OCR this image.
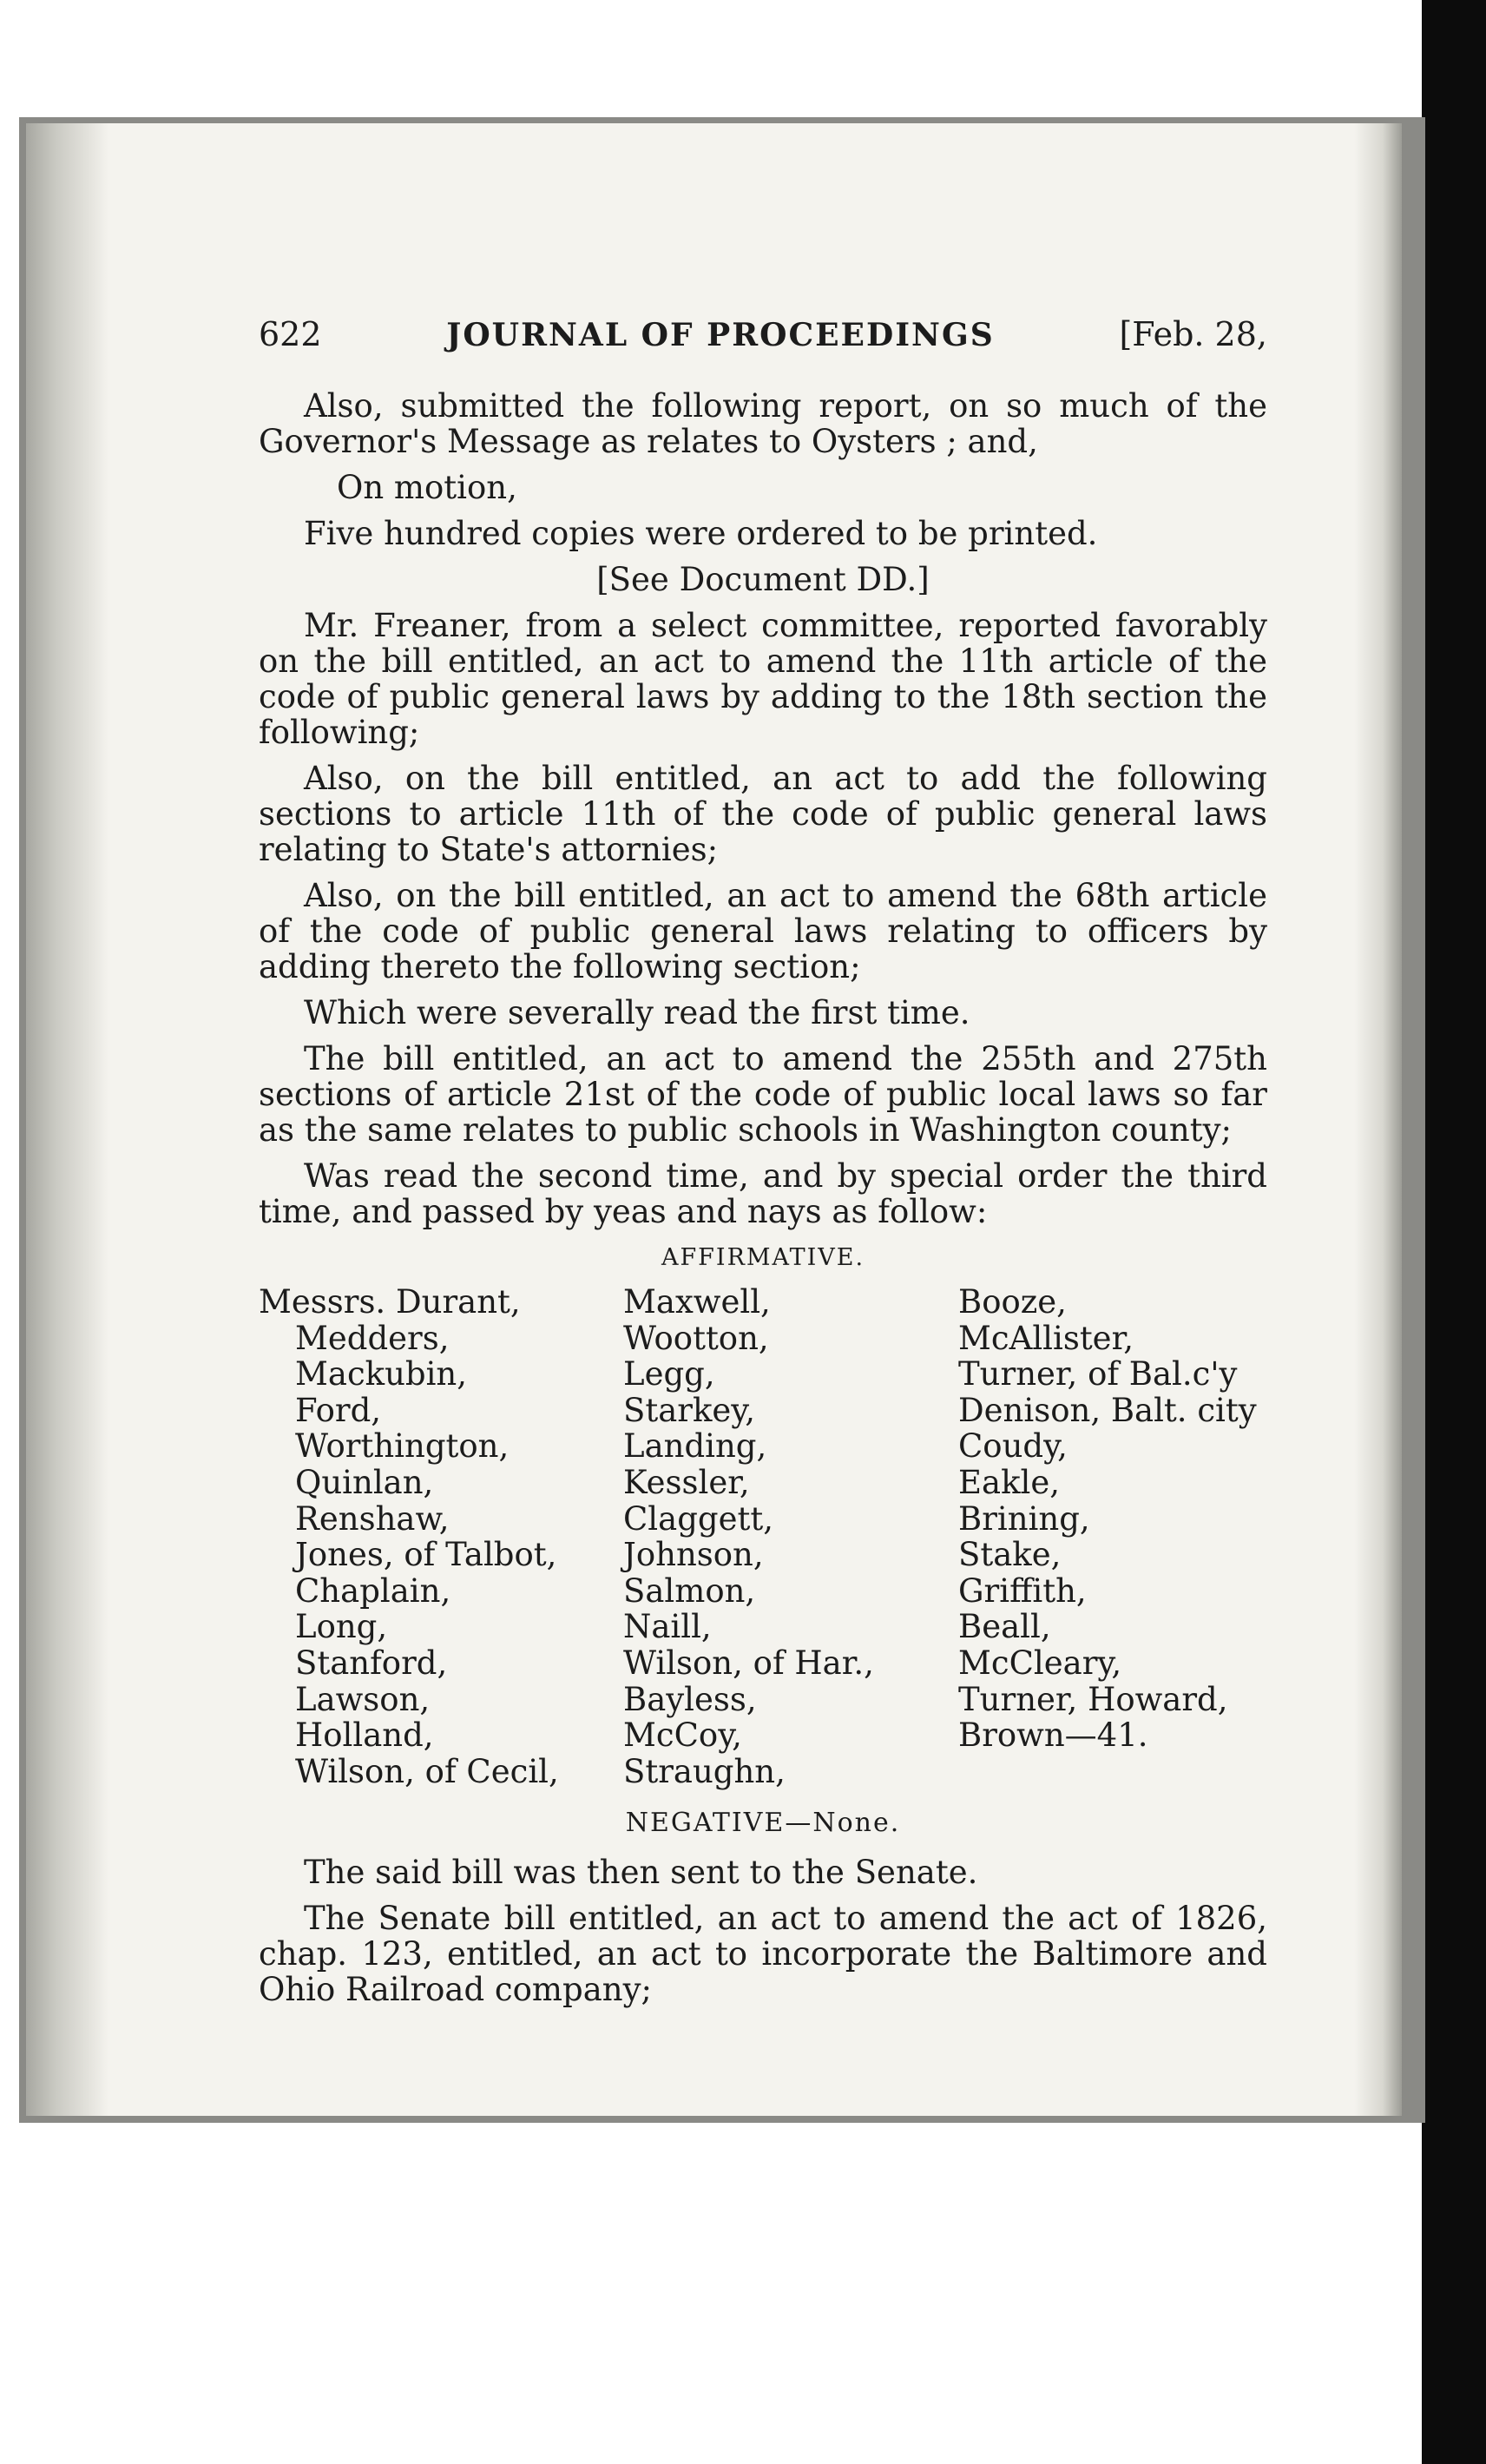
622	JOURNAL OF PROCEEDINGS	[Feb. 28,

Also, submitted the following report, on so much of the Governor's Message as relates to Oysters ; and,

On motion,

Five hundred copies were ordered to be printed.

[See Document DD.]

Mr. Freaner, from a select committee, reported favorably on the bill entitled, an act to amend the 11th article of the code of public general laws by adding to the 18th section the following;

Also, on the bill entitled, an act to add the following sections to article 11th of the code of public general laws relating to State's attornies;

Also, on the bill entitled, an act to amend the 68th article of the code of public general laws relating to officers by adding thereto the following section;

Which were severally read the first time.

The bill entitled, an act to amend the 255th and 275th sections of article 21st of the code of public local laws so far as the same relates to public schools in Washington county;

Was read the second time, and by special order the third time, and passed by yeas and nays as follow:

AFFIRMATIVE.
Messrs. Durant,
Medders,
Mackubin,
Ford,
Worthington,
Quinlan,
Renshaw,
Jones, of Talbot,
Chaplain,
Long,
Stanford,
Lawson,
Holland,
Wilson, of Cecil,
Maxwell,
Wootton,
Legg,
Starkey,
Landing,
Kessler,
Claggett,
Johnson,
Salmon,
Naill,
Wilson, of Har.,
Bayless,
McCoy,
Straughn,
Booze,
McAllister,
Turner, of Bal.c'y
Denison, Balt. city
Coudy,
Eakle,
Brining,
Stake,
Griffith,
Beall,
McCleary,
Turner, Howard,
Brown—41.
NEGATIVE—None.

The said bill was then sent to the Senate.

The Senate bill entitled, an act to amend the act of 1826, chap. 123, entitled, an act to incorporate the Baltimore and Ohio Railroad company;
